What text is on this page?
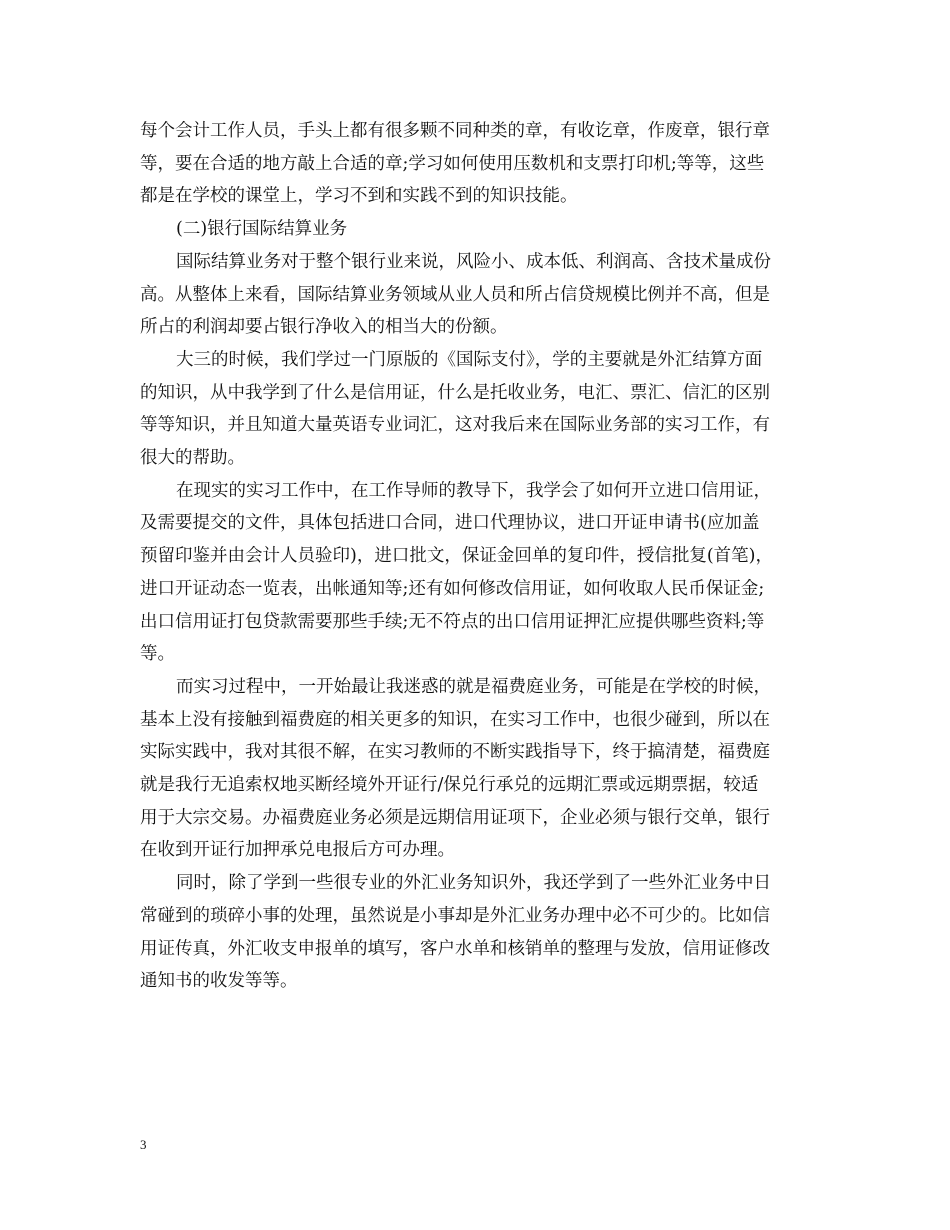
每个会计工作人员，手头上都有很多颗不同种类的章，有收讫章，作废章，银行章
等，要在合适的地方敲上合适的章;学习如何使用压数机和支票打印机;等等，这些
都是在学校的课堂上，学习不到和实践不到的知识技能。

(二)银行国际结算业务

国际结算业务对于整个银行业来说，风险小、成本低、利润高、含技术量成份
高。从整体上来看，国际结算业务领域从业人员和所占信贷规模比例并不高，但是
所占的利润却要占银行净收入的相当大的份额。

大三的时候，我们学过一门原版的《国际支付》，学的主要就是外汇结算方面
的知识，从中我学到了什么是信用证，什么是托收业务，电汇、票汇、信汇的区别
等等知识，并且知道大量英语专业词汇，这对我后来在国际业务部的实习工作，有
很大的帮助。

在现实的实习工作中，在工作导师的教导下，我学会了如何开立进口信用证，
及需要提交的文件，具体包括进口合同，进口代理协议，进口开证申请书(应加盖
预留印鉴并由会计人员验印)，进口批文，保证金回单的复印件，授信批复(首笔)，
进口开证动态一览表，出帐通知等;还有如何修改信用证，如何收取人民币保证金;
出口信用证打包贷款需要那些手续;无不符点的出口信用证押汇应提供哪些资料;等
等。

而实习过程中，一开始最让我迷惑的就是福费庭业务，可能是在学校的时候，
基本上没有接触到福费庭的相关更多的知识，在实习工作中，也很少碰到，所以在
实际实践中，我对其很不解，在实习教师的不断实践指导下，终于搞清楚，福费庭
就是我行无追索权地买断经境外开证行/保兑行承兑的远期汇票或远期票据，较适
用于大宗交易。办福费庭业务必须是远期信用证项下，企业必须与银行交单，银行
在收到开证行加押承兑电报后方可办理。

同时，除了学到一些很专业的外汇业务知识外，我还学到了一些外汇业务中日
常碰到的琐碎小事的处理，虽然说是小事却是外汇业务办理中必不可少的。比如信
用证传真，外汇收支申报单的填写，客户水单和核销单的整理与发放，信用证修改
通知书的收发等等。

3
